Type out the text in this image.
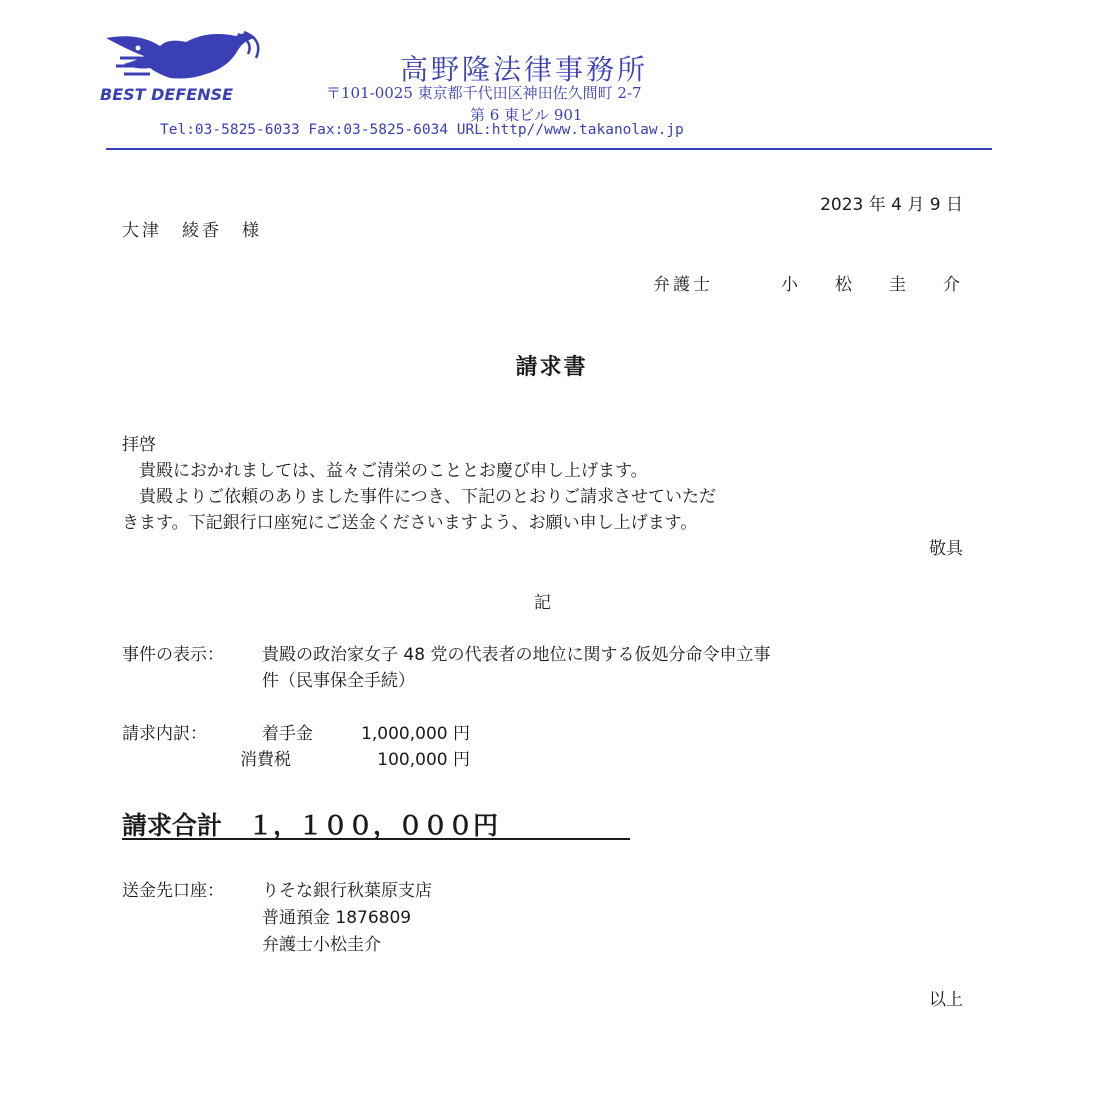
BEST DEFENSE
高野隆法律事務所
〒101-0025 東京都千代田区神田佐久間町 2-7
第 6 東ビル 901
Tel:03-5825-6033 Fax:03-5825-6034 URL:http//www.takanolaw.jp
2023 年 4 月 9 日
大津　綾香　様
弁護士	小 松 圭 介
請求書
拝啓
　貴殿におかれましては、益々ご清栄のこととお慶び申し上げます。
　貴殿よりご依頼のありました事件につき、下記のとおりご請求させていただ
きます。下記銀行口座宛にご送金くださいますよう、お願い申し上げます。
敬具
記
事件の表示： 貴殿の政治家女子 48 党の代表者の地位に関する仮処分命令申立事
件（民事保全手続）
請求内訳：	着手金	1,000,000 円
消費税	100,000 円
請求合計 １，１００，０００円
送金先口座： りそな銀行秋葉原支店
普通預金 1876809
弁護士小松圭介
以上
